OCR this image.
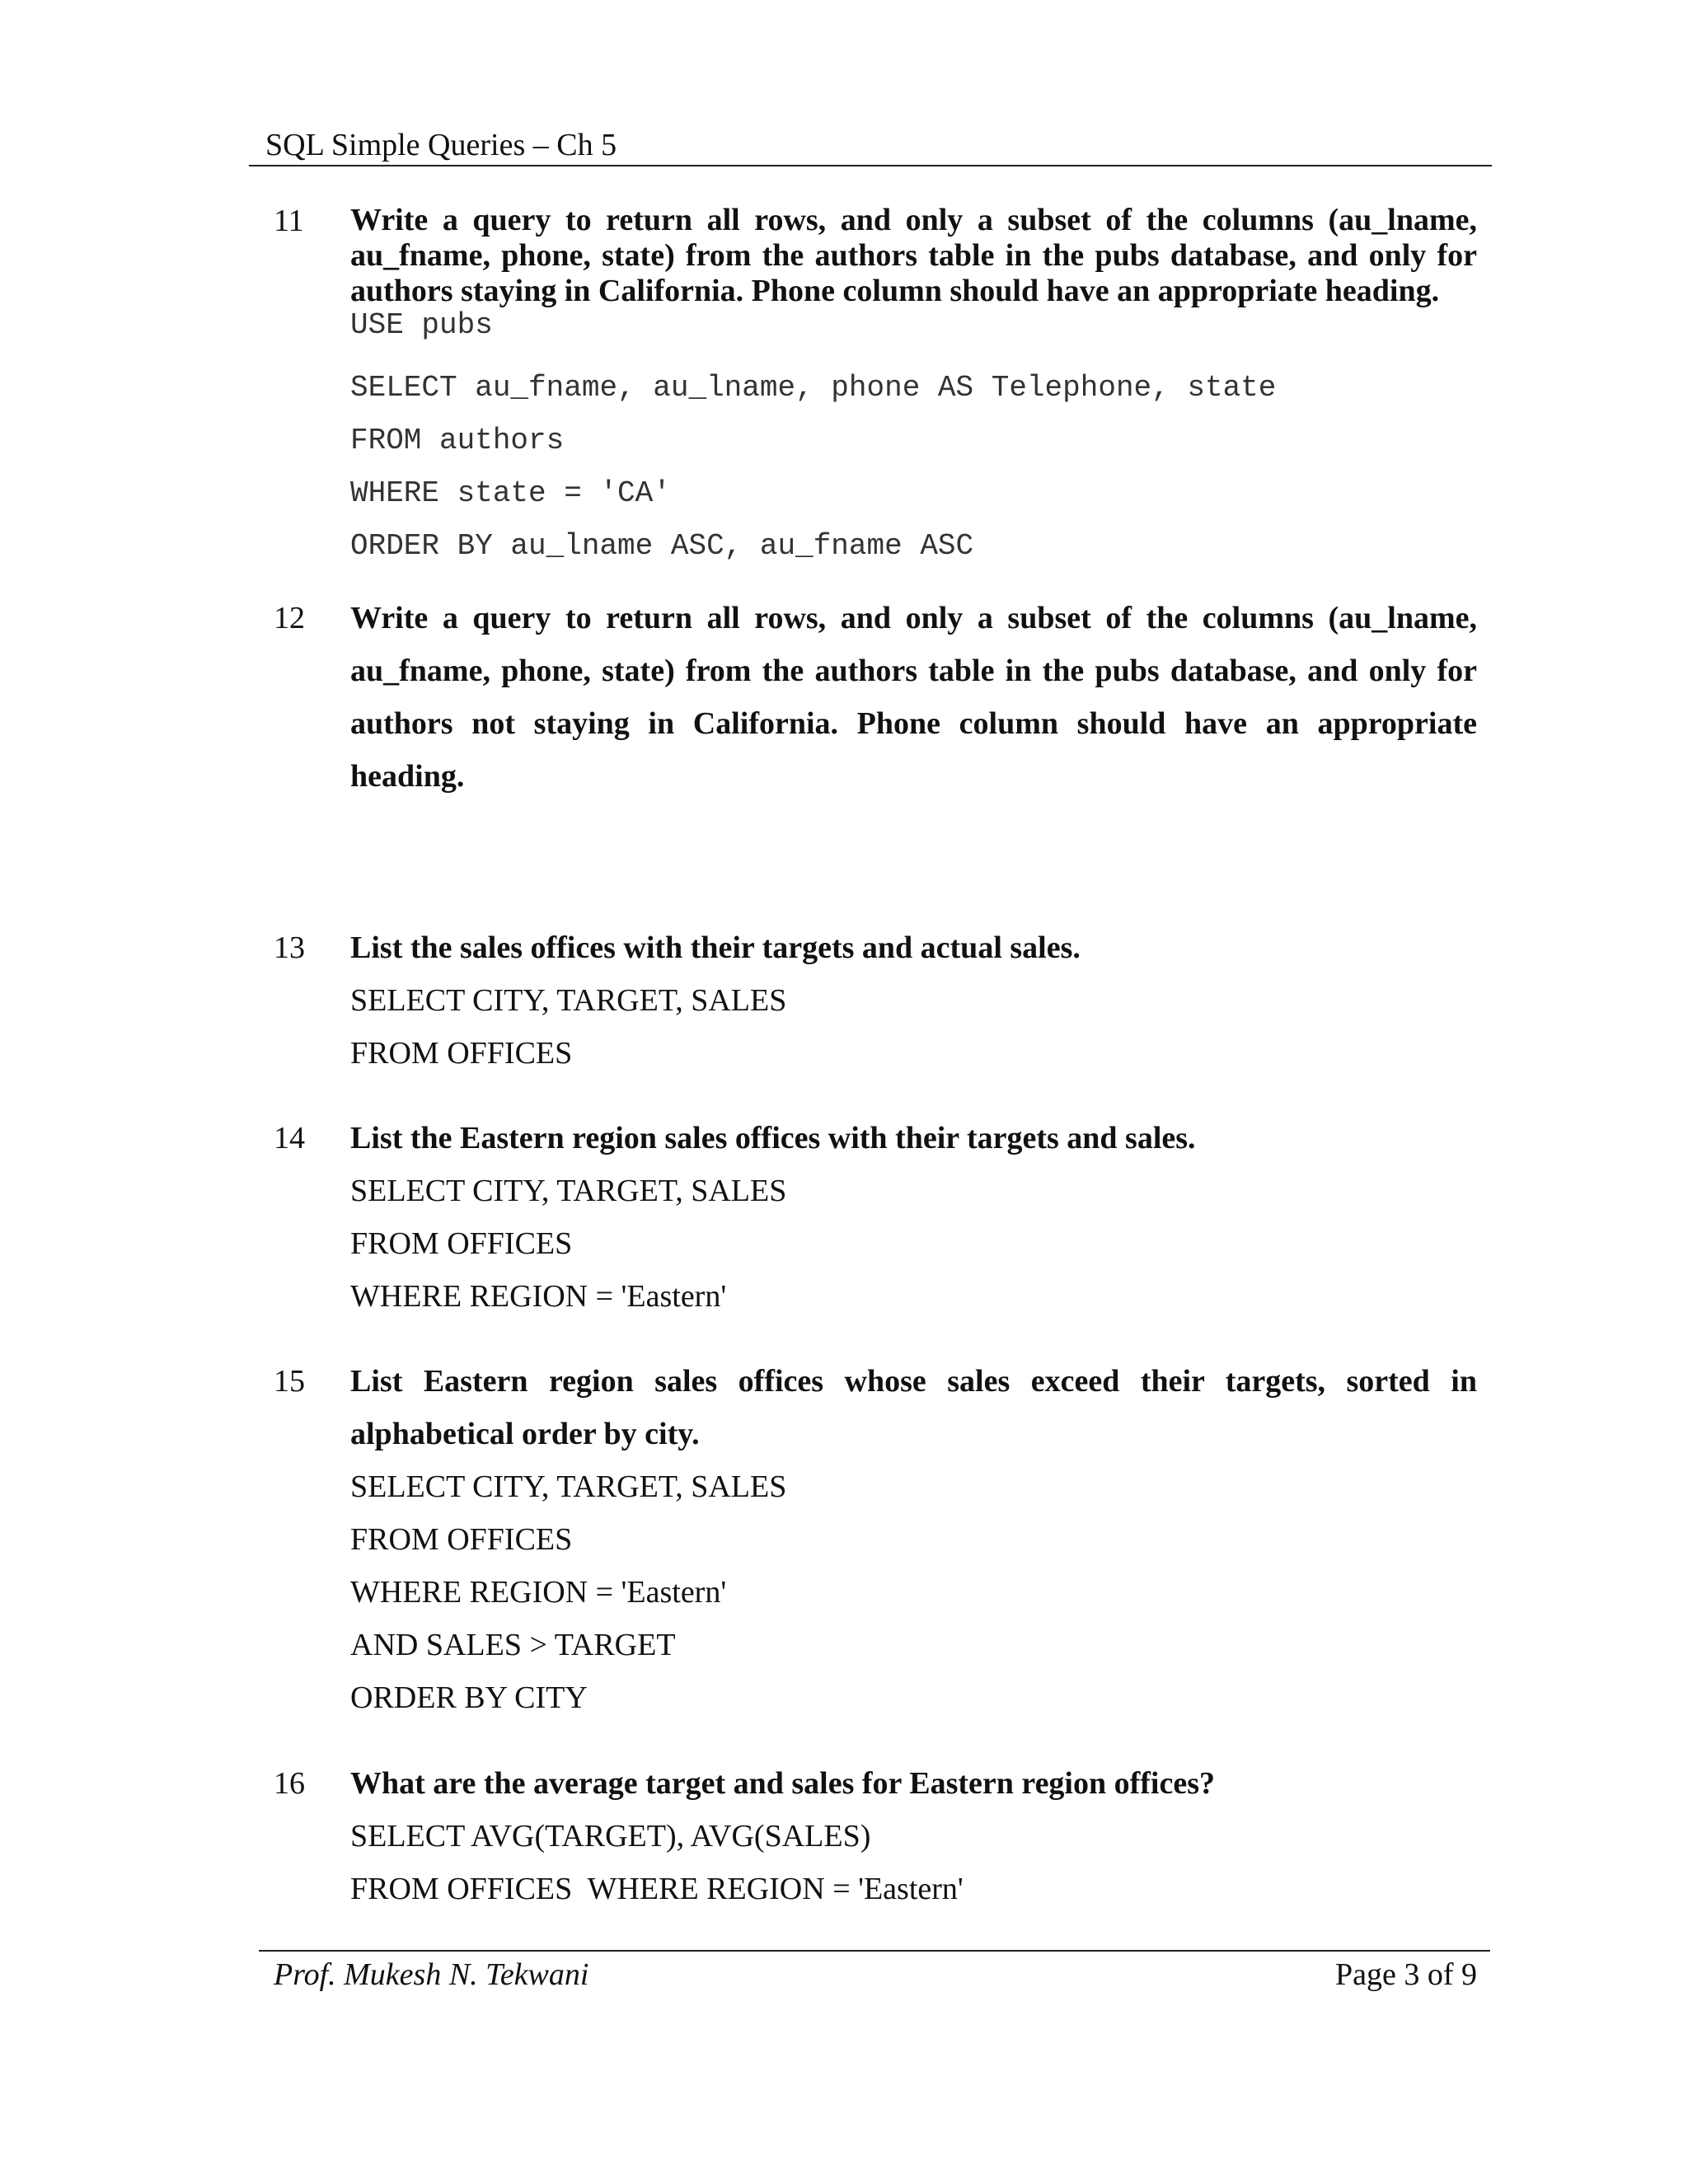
SQL Simple Queries – Ch 5
11 Write a query to return all rows, and only a subset of the columns (au_lname, au_fname, phone, state) from the authors table in the pubs database, and only for authors staying in California. Phone column should have an appropriate heading.

USE pubs

SELECT au_fname, au_lname, phone AS Telephone, state

FROM authors

WHERE state = 'CA'

ORDER BY au_lname ASC, au_fname ASC

12 Write a query to return all rows, and only a subset of the columns (au_lname, au_fname, phone, state) from the authors table in the pubs database, and only for authors not staying in California. Phone column should have an appropriate heading.

13 List the sales offices with their targets and actual sales.

SELECT CITY, TARGET, SALES

FROM OFFICES

14 List the Eastern region sales offices with their targets and sales.

SELECT CITY, TARGET, SALES

FROM OFFICES

WHERE REGION = 'Eastern'

15 List Eastern region sales offices whose sales exceed their targets, sorted in alphabetical order by city.

SELECT CITY, TARGET, SALES

FROM OFFICES

WHERE REGION = 'Eastern'

AND SALES > TARGET

ORDER BY CITY

16 What are the average target and sales for Eastern region offices?

SELECT AVG(TARGET), AVG(SALES)

FROM OFFICES  WHERE REGION = 'Eastern'

Prof. Mukesh N. Tekwani	Page 3 of 9
